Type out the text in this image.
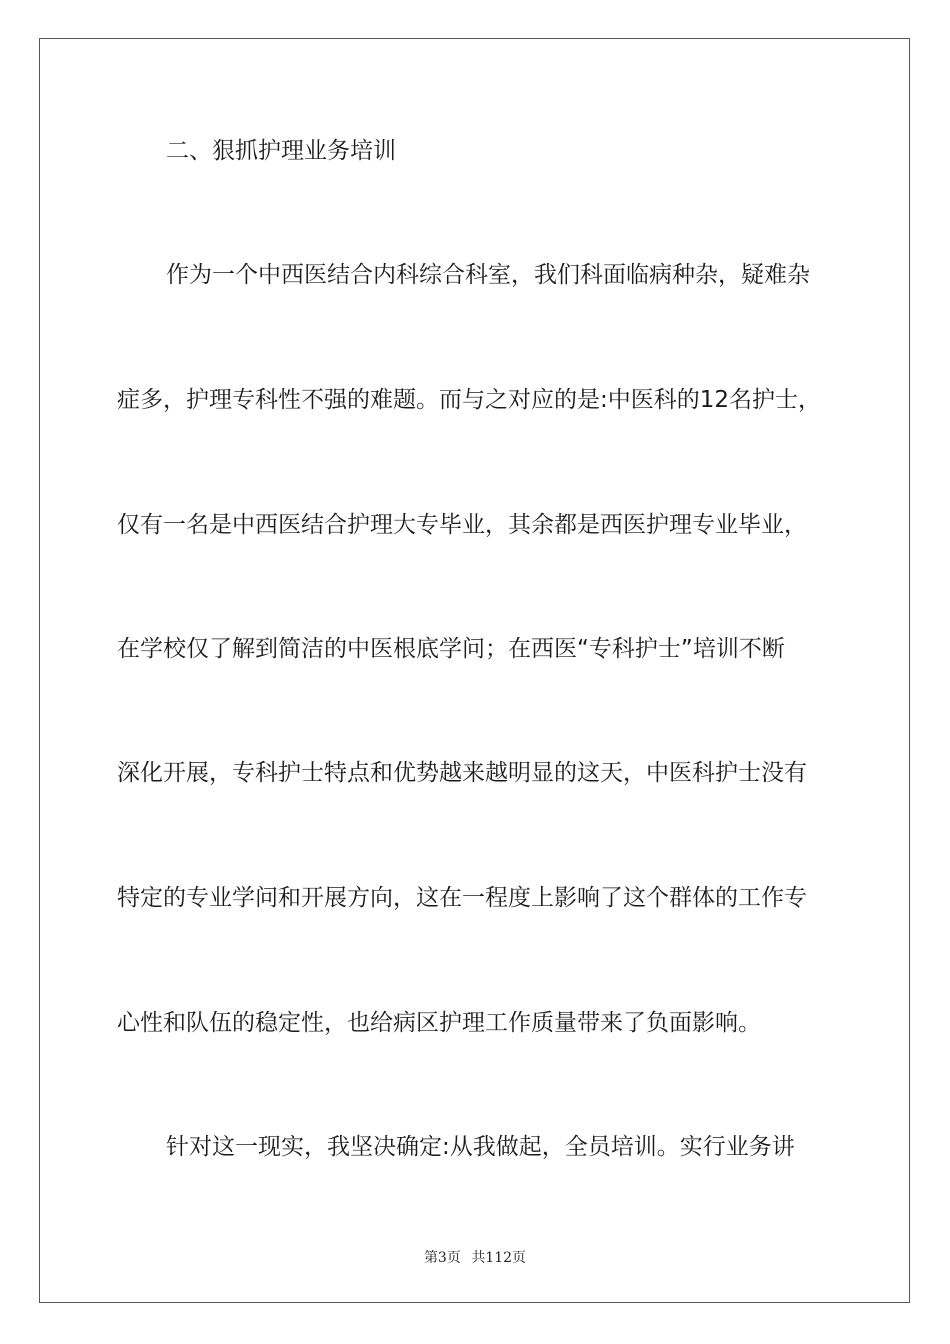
二、狠抓护理业务培训
作为一个中西医结合内科综合科室，我们科面临病种杂，疑难杂
症多，护理专科性不强的难题。而与之对应的是:中医科的12名护士，
仅有一名是中西医结合护理大专毕业，其余都是西医护理专业毕业，
在学校仅了解到简洁的中医根底学问；在西医“专科护士”培训不断
深化开展，专科护士特点和优势越来越明显的这天，中医科护士没有
特定的专业学问和开展方向，这在一程度上影响了这个群体的工作专
心性和队伍的稳定性，也给病区护理工作质量带来了负面影响。
针对这一现实，我坚决确定:从我做起，全员培训。实行业务讲
第3页 共112页
